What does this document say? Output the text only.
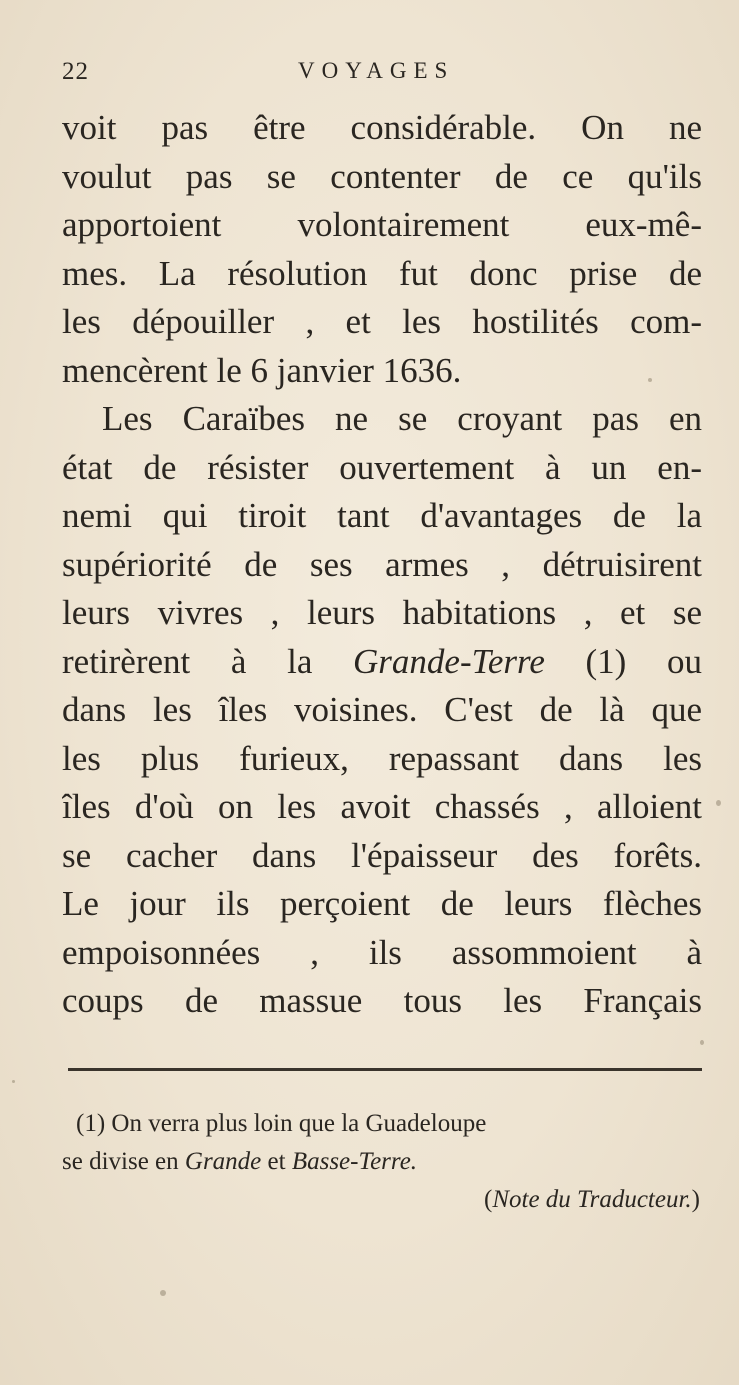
22	VOYAGES
voit pas être considérable. On ne
voulut pas se contenter de ce qu'ils
apportoient volontairement eux-mê-
mes. La résolution fut donc prise de
les dépouiller , et les hostilités com-
mencèrent le 6 janvier 1636.
Les Caraïbes ne se croyant pas en
état de résister ouvertement à un en-
nemi qui tiroit tant d'avantages de la
supériorité de ses armes , détruisirent
leurs vivres , leurs habitations , et se
retirèrent à la Grande-Terre (1) ou
dans les îles voisines. C'est de là que
les plus furieux, repassant dans les
îles d'où on les avoit chassés , alloient
se cacher dans l'épaisseur des forêts.
Le jour ils perçoient de leurs flèches
empoisonnées , ils assommoient à
coups de massue tous les Français
(1) On verra plus loin que la Guadeloupe
se divise en Grande et Basse-Terre.
(Note du Traducteur.)
